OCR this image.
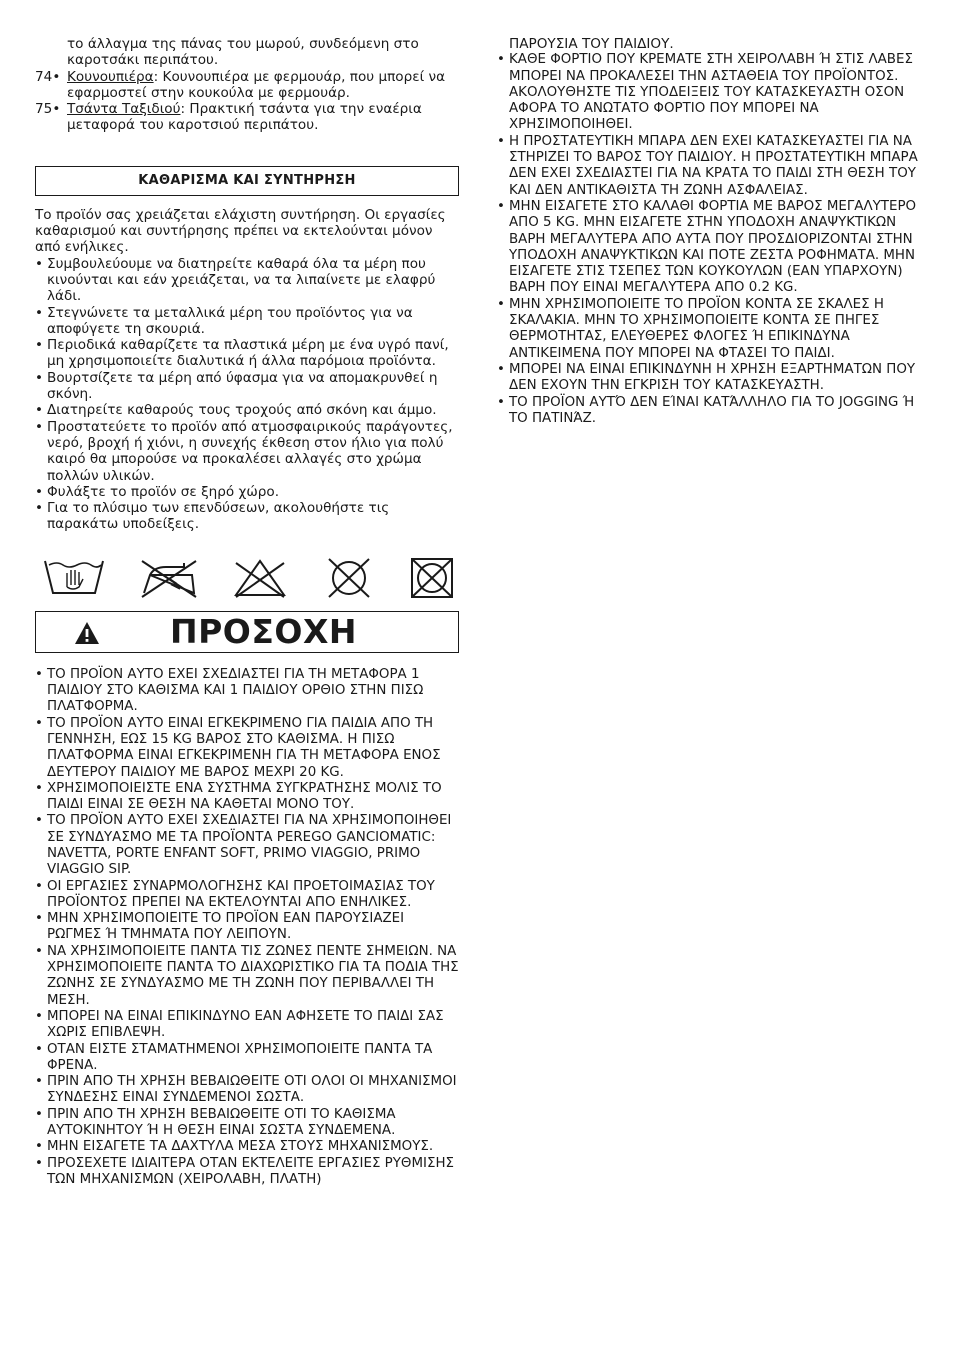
το άλλαγμα της πάνας του μωρού, συνδεόμενη στο καροτσάκι περιπάτου.
74• Κουνουπιέρα: Κουνουπιέρα με φερμουάρ, που μπορεί να εφαρμοστεί στην κουκούλα με φερμουάρ.
75• Τσάντα Ταξιδιού: Πρακτική τσάντα για την εναέρια μεταφορά του καροτσιού περιπάτου.
ΚΑΘΑΡΙΣΜΑ ΚΑΙ ΣΥΝΤΗΡΗΣΗ
Το προϊόν σας χρειάζεται ελάχιστη συντήρηση. Οι εργασίες καθαρισμού και συντήρησης πρέπει να εκτελούνται μόνον από ενήλικες.
• Συμβουλεύουμε να διατηρείτε καθαρά όλα τα μέρη που κινούνται και εάν χρειάζεται, να τα λιπαίνετε με ελαφρύ λάδι.
• Στεγνώνετε τα μεταλλικά μέρη του προϊόντος για να αποφύγετε τη σκουριά.
• Περιοδικά καθαρίζετε τα πλαστικά μέρη με ένα υγρό πανί, μη χρησιμοποιείτε διαλυτικά ή άλλα παρόμοια προϊόντα.
• Βουρτσίζετε τα μέρη από ύφασμα για να απομακρυνθεί η σκόνη.
• Διατηρείτε καθαρούς τους τροχούς από σκόνη και άμμο.
• Προστατεύετε το προϊόν από ατμοσφαιρικούς παράγοντες, νερό, βροχή ή χιόνι, η συνεχής έκθεση στον ήλιο για πολύ καιρό θα μπορούσε να προκαλέσει αλλαγές στο χρώμα πολλών υλικών.
• Φυλάξτε το προϊόν σε ξηρό χώρο.
• Για το πλύσιμο των επενδύσεων, ακολουθήστε τις παρακάτω υποδείξεις.
ΠΡΟΣΟΧΗ
• ΤΟ ΠΡΟΪΟΝ ΑΥΤΟ ΕΧΕΙ ΣΧΕΔΙΑΣΤΕΙ ΓΙΑ ΤΗ ΜΕΤΑΦΟΡΑ 1 ΠΑΙΔΙΟΥ ΣΤΟ ΚΑΘΙΣΜΑ ΚΑΙ 1 ΠΑΙΔΙΟΥ ΟΡΘΙΟ ΣΤΗΝ ΠΙΣΩ ΠΛΑΤΦΟΡΜΑ.
• ΤΟ ΠΡΟΪΟΝ ΑΥΤΟ ΕΙΝΑΙ ΕΓΚΕΚΡΙΜΕΝΟ ΓΙΑ ΠΑΙΔΙΑ ΑΠΟ ΤΗ ΓΕΝΝΗΣΗ, ΕΩΣ 15 KG ΒΑΡΟΣ ΣΤΟ ΚΑΘΙΣΜΑ. Η ΠΙΣΩ ΠΛΑΤΦΟΡΜΑ ΕΙΝΑΙ ΕΓΚΕΚΡΙΜΕΝΗ ΓΙΑ ΤΗ ΜΕΤΑΦΟΡΑ ΕΝΟΣ ΔΕΥΤΕΡΟΥ ΠΑΙΔΙΟΥ ΜΕ ΒΑΡΟΣ ΜΕΧΡΙ 20 KG.
• ΧΡΗΣΙΜΟΠΟΙΕΙΣΤΕ ΕΝΑ ΣΥΣΤΗΜΑ ΣΥΓΚΡΑΤΗΣΗΣ ΜΟΛΙΣ ΤΟ ΠΑΙΔΙ ΕΙΝΑΙ ΣΕ ΘΕΣΗ ΝΑ ΚΑΘΕΤΑΙ ΜΟΝΟ ΤΟΥ.
• ΤΟ ΠΡΟΪΟΝ ΑΥΤΟ ΕΧΕΙ ΣΧΕΔΙΑΣΤΕΙ ΓΙΑ ΝΑ ΧΡΗΣΙΜΟΠΟΙΗΘΕΙ ΣΕ ΣΥΝΔΥΑΣΜΟ ΜΕ ΤΑ ΠΡΟΪΟΝΤΑ PEREGO GANCIOMATIC: NAVETTA, PORTE ENFANT SOFT, PRIMO VIAGGIO, PRIMO VIAGGIO SIP.
• ΟΙ ΕΡΓΑΣΙΕΣ ΣΥΝΑΡΜΟΛΟΓΗΣΗΣ ΚΑΙ ΠΡΟΕΤΟΙΜΑΣΙΑΣ ΤΟΥ ΠΡΟΪΟΝΤΟΣ ΠΡΕΠΕΙ ΝΑ ΕΚΤΕΛΟΥΝΤΑΙ ΑΠΟ ΕΝΗΛΙΚΕΣ.
• ΜΗΝ ΧΡΗΣΙΜΟΠΟΙΕΙΤΕ ΤΟ ΠΡΟΪΟΝ ΕΑΝ ΠΑΡΟΥΣΙΑΖΕΙ ΡΩΓΜΕΣ Ή ΤΜΗΜΑΤΑ ΠΟΥ ΛΕΙΠΟΥΝ.
• ΝΑ ΧΡΗΣΙΜΟΠΟΙΕΙΤΕ ΠΑΝΤΑ ΤΙΣ ΖΩΝΕΣ ΠΕΝΤΕ ΣΗΜΕΙΩΝ. ΝΑ ΧΡΗΣΙΜΟΠΟΙΕΙΤΕ ΠΑΝΤΑ ΤΟ ΔΙΑΧΩΡΙΣΤΙΚΟ ΓΙΑ ΤΑ ΠΟΔΙΑ ΤΗΣ ΖΩΝΗΣ ΣΕ ΣΥΝΔΥΑΣΜΟ ΜΕ ΤΗ ΖΩΝΗ ΠΟΥ ΠΕΡΙΒΑΛΛΕΙ ΤΗ ΜΕΣΗ.
• ΜΠΟΡΕΙ ΝΑ ΕΙΝΑΙ ΕΠΙΚΙΝΔΥΝΟ ΕΑΝ ΑΦΗΣΕΤΕ ΤΟ ΠΑΙΔΙ ΣΑΣ ΧΩΡΙΣ ΕΠΙΒΛΕΨΗ.
• ΟΤΑΝ ΕΙΣΤΕ ΣΤΑΜΑΤΗΜΕΝΟΙ ΧΡΗΣΙΜΟΠΟΙΕΙΤΕ ΠΑΝΤΑ ΤΑ ΦΡΕΝΑ.
• ΠΡΙΝ ΑΠΟ ΤΗ ΧΡΗΣΗ ΒΕΒΑΙΩΘΕΙΤΕ ΟΤΙ ΟΛΟΙ ΟΙ ΜΗΧΑΝΙΣΜΟΙ ΣΥΝΔΕΣΗΣ ΕΙΝΑΙ ΣΥΝΔΕΜΕΝΟΙ ΣΩΣΤΑ.
• ΠΡΙΝ ΑΠΟ ΤΗ ΧΡΗΣΗ ΒΕΒΑΙΩΘΕΙΤΕ ΟΤΙ ΤΟ ΚΑΘΙΣΜΑ ΑΥΤΟΚΙΝΗΤΟΥ Ή Η ΘΕΣΗ ΕΙΝΑΙ ΣΩΣΤΑ ΣΥΝΔΕΜΕΝΑ.
• ΜΗΝ ΕΙΣΑΓΕΤΕ ΤΑ ΔΑΧΤΥΛΑ ΜΕΣΑ ΣΤΟΥΣ ΜΗΧΑΝΙΣΜΟΥΣ.
• ΠΡΟΣΕΧΕΤΕ ΙΔΙΑΙΤΕΡΑ ΟΤΑΝ ΕΚΤΕΛΕΙΤΕ ΕΡΓΑΣΙΕΣ ΡΥΘΜΙΣΗΣ ΤΩΝ ΜΗΧΑΝΙΣΜΩΝ (ΧΕΙΡΟΛΑΒΗ, ΠΛΑΤΗ)
ΠΑΡΟΥΣΙΑ ΤΟΥ ΠΑΙΔΙΟΥ.
• ΚΑΘΕ ΦΟΡΤΙΟ ΠΟΥ ΚΡΕΜΑΤΕ ΣΤΗ ΧΕΙΡΟΛΑΒΗ Ή ΣΤΙΣ ΛΑΒΕΣ ΜΠΟΡΕΙ ΝΑ ΠΡΟΚΑΛΕΣΕΙ ΤΗΝ ΑΣΤΑΘΕΙΑ ΤΟΥ ΠΡΟΪΟΝΤΟΣ. ΑΚΟΛΟΥΘΗΣΤΕ ΤΙΣ ΥΠΟΔΕΙΞΕΙΣ ΤΟΥ ΚΑΤΑΣΚΕΥΑΣΤΗ ΟΣΟΝ ΑΦΟΡΑ ΤΟ ΑΝΩΤΑΤΟ ΦΟΡΤΙΟ ΠΟΥ ΜΠΟΡΕΙ ΝΑ ΧΡΗΣΙΜΟΠΟΙΗΘΕΙ.
• Η ΠΡΟΣΤΑΤΕΥΤΙΚΗ ΜΠΑΡΑ ΔΕΝ ΕΧΕΙ ΚΑΤΑΣΚΕΥΑΣΤΕΙ ΓΙΑ ΝΑ ΣΤΗΡΙΖΕΙ ΤΟ ΒΑΡΟΣ ΤΟΥ ΠΑΙΔΙΟΥ. Η ΠΡΟΣΤΑΤΕΥΤΙΚΗ ΜΠΑΡΑ ΔΕΝ ΕΧΕΙ ΣΧΕΔΙΑΣΤΕΙ ΓΙΑ ΝΑ ΚΡΑΤΑ ΤΟ ΠΑΙΔΙ ΣΤΗ ΘΕΣΗ ΤΟΥ ΚΑΙ ΔΕΝ ΑΝΤΙΚΑΘΙΣΤΑ ΤΗ ΖΩΝΗ ΑΣΦΑΛΕΙΑΣ.
• ΜΗΝ ΕΙΣΑΓΕΤΕ ΣΤΟ ΚΑΛΑΘΙ ΦΟΡΤΙΑ ΜΕ ΒΑΡΟΣ ΜΕΓΑΛΥΤΕΡΟ ΑΠΟ 5 KG. ΜΗΝ ΕΙΣΑΓΕΤΕ ΣΤΗΝ ΥΠΟΔΟΧΗ ΑΝΑΨΥΚΤΙΚΩΝ ΒΑΡΗ ΜΕΓΑΛΥΤΕΡΑ ΑΠΟ ΑΥΤΑ ΠΟΥ ΠΡΟΣΔΙΟΡΙΖΟΝΤΑΙ ΣΤΗΝ ΥΠΟΔΟΧΗ ΑΝΑΨΥΚΤΙΚΩΝ ΚΑΙ ΠΟΤΕ ΖΕΣΤΑ ΡΟΦΗΜΑΤΑ. ΜΗΝ ΕΙΣΑΓΕΤΕ ΣΤΙΣ ΤΣΕΠΕΣ ΤΩΝ ΚΟΥΚΟΥΛΩΝ (ΕΑΝ ΥΠΑΡΧΟΥΝ) ΒΑΡΗ ΠΟΥ ΕΙΝΑΙ ΜΕΓΑΛΥΤΕΡΑ ΑΠΟ 0.2 KG.
• ΜΗΝ ΧΡΗΣΙΜΟΠΟΙΕΙΤΕ ΤΟ ΠΡΟΪΟΝ ΚΟΝΤΑ ΣΕ ΣΚΑΛΕΣ Η ΣΚΑΛΑΚΙΑ. ΜΗΝ ΤΟ ΧΡΗΣΙΜΟΠΟΙΕΙΤΕ ΚΟΝΤΑ ΣΕ ΠΗΓΕΣ ΘΕΡΜΟΤΗΤΑΣ, ΕΛΕΥΘΕΡΕΣ ΦΛΟΓΕΣ Ή ΕΠΙΚΙΝΔΥΝΑ ΑΝΤΙΚΕΙΜΕΝΑ ΠΟΥ ΜΠΟΡΕΙ ΝΑ ΦΤΑΣΕΙ ΤΟ ΠΑΙΔΙ.
• ΜΠΟΡΕΙ ΝΑ ΕΙΝΑΙ ΕΠΙΚΙΝΔΥΝΗ Η ΧΡΗΣΗ ΕΞΑΡΤΗΜΑΤΩΝ ΠΟΥ ΔΕΝ ΕΧΟΥΝ ΤΗΝ ΕΓΚΡΙΣΗ ΤΟΥ ΚΑΤΑΣΚΕΥΑΣΤΗ.
• ΤΟ ΠΡΟΪΟΝ ΑΥΤΌ ΔΕΝ ΕΊΝΑΙ ΚΑΤΆΛΛΗΛΟ ΓΙΑ ΤΟ JOGGING Ή ΤΟ ΠΑΤΙΝΆΖ.
